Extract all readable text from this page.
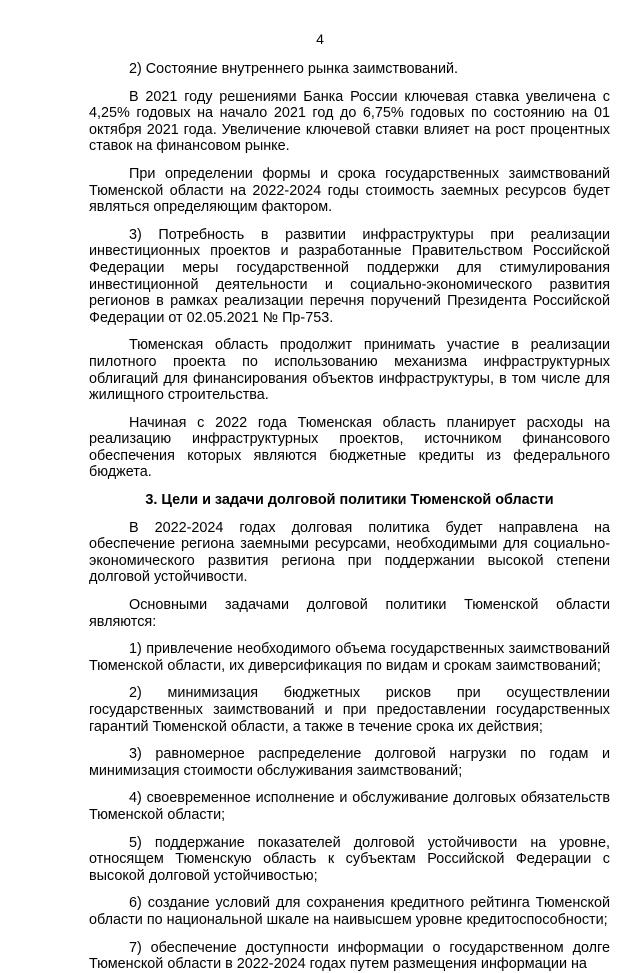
4

2) Состояние внутреннего рынка заимствований.

В 2021 году решениями Банка России ключевая ставка увеличена с 4,25% годовых на начало 2021 год до 6,75% годовых по состоянию на 01 октября 2021 года. Увеличение ключевой ставки влияет на рост процентных ставок на финансовом рынке.

При определении формы и срока государственных заимствований Тюменской области на 2022-2024 годы стоимость заемных ресурсов будет являться определяющим фактором.

3) Потребность в развитии инфраструктуры при реализации инвестиционных проектов и разработанные Правительством Российской Федерации меры государственной поддержки для стимулирования инвестиционной деятельности и социально-экономического развития регионов в рамках реализации перечня поручений Президента Российской Федерации от 02.05.2021 № Пр-753.

Тюменская область продолжит принимать участие в реализации пилотного проекта по использованию механизма инфраструктурных облигаций для финансирования объектов инфраструктуры, в том числе для жилищного строительства.

Начиная с 2022 года Тюменская область планирует расходы на реализацию инфраструктурных проектов, источником финансового обеспечения которых являются бюджетные кредиты из федерального бюджета.

3. Цели и задачи долговой политики Тюменской области

В 2022-2024 годах долговая политика будет направлена на обеспечение региона заемными ресурсами, необходимыми для социально-экономического развития региона при поддержании высокой степени долговой устойчивости.

Основными задачами долговой политики Тюменской области являются:

1) привлечение необходимого объема государственных заимствований Тюменской области, их диверсификация по видам и срокам заимствований;

2) минимизация бюджетных рисков при осуществлении государственных заимствований и при предоставлении государственных гарантий Тюменской области, а также в течение срока их действия;

3) равномерное распределение долговой нагрузки по годам и минимизация стоимости обслуживания заимствований;

4) своевременное исполнение и обслуживание долговых обязательств Тюменской области;

5) поддержание показателей долговой устойчивости на уровне, относящем Тюменскую область к субъектам Российской Федерации с высокой долговой устойчивостью;

6) создание условий для сохранения кредитного рейтинга Тюменской области по национальной шкале на наивысшем уровне кредитоспособности;

7) обеспечение доступности информации о государственном долге Тюменской области в 2022-2024 годах путем размещения информации на
